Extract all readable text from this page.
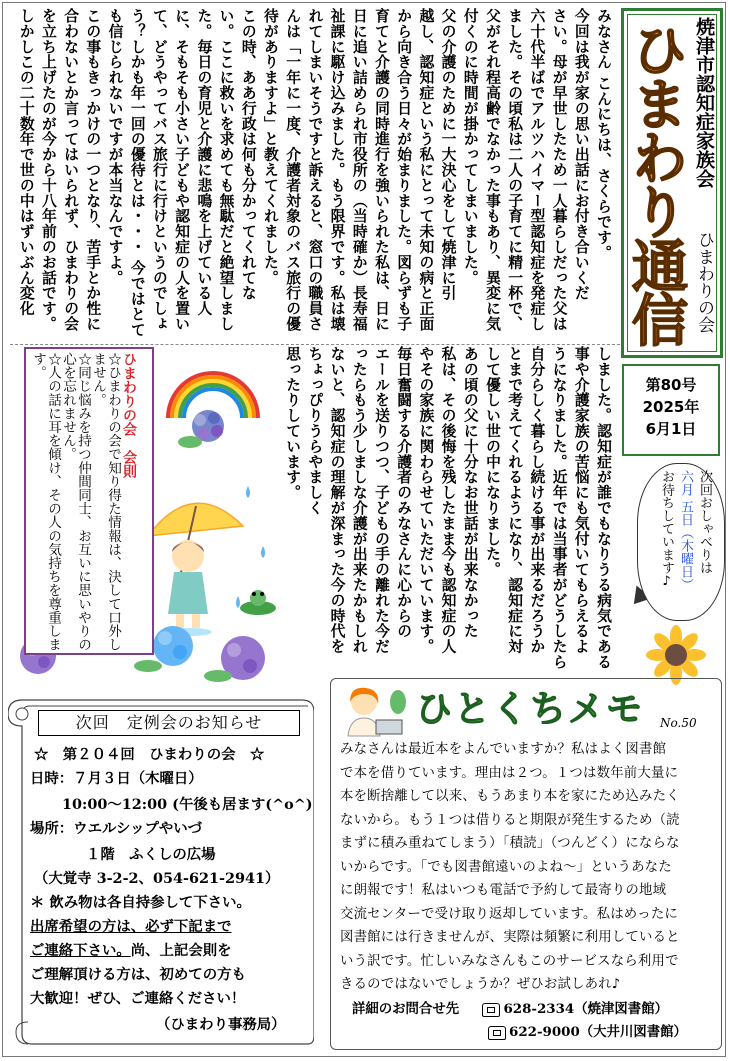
ひまわり通信 焼津市認知症家族会
ひまわりの会
第80号
2025年
6月1日
みなさん こんにちは、さくらです。
今回は我が家の思い出話にお付き合いくだ
さい。母が早世したため一人暮らしだった父は
六十代半ばでアルツハイマー型認知症を発症し
ました。その頃私は二人の子育てに精一杯で、
父がそれ程高齢でなかった事もあり、異変に気
付くのに時間が掛かってしまいました。
父の介護のために一大決心をして焼津に引
越し、認知症という私にとって未知の病と正面
から向き合う日々が始まりました。図らずも子
育てと介護の同時進行を強いられた私は、日に
日に追い詰められ市役所の（当時確か）長寿福
祉課に駆け込みました。もう限界です。私は壊
れてしまいそうですと訴えると、窓口の職員さ
んは「一年に一度、介護者対象のバス旅行の優
待がありますよ」と教えてくれました。
この時、ああ行政は何も分かってくれてな
い。ここに救いを求めても無駄だと絶望しまし
た。毎日の育児と介護に悲鳴を上げている人
に、そもそも小さい子どもや認知症の人を置い
て、どうやってバス旅行に行けというのでしょ
う？しかも年一回の優待とは・・・ 今ではとて
も信じられないですが本当なんですよ。
この事もきっかけの一つとなり、苦手とか性に
合わないとか言ってはいられず、ひまわりの会
を立ち上げたのが今から十八年前のお話です。
しかしこの二十数年で世の中はずいぶん変化
しました。認知症が誰でもなりうる病気である
事や介護家族の苦悩にも気付いてもらえるよ
うになりました。近年では当事者がどうしたら
自分らしく暮らし続ける事が出来るだろうか
とまで考えてくれるようになり、認知症に対
して優しい世の中になりました。
あの頃の父に十分なお世話が出来なかった
私は、その後悔を残したまま今も認知症の人
やその家族に関わらせていただいています。
毎日奮闘する介護者のみなさんに心からの
エールを送りつつ、子どもの手の離れた今だ
ったらもう少しましな介護が出来たかもしれ
ないと、認知症の理解が深まった今の時代を
ちょっぴりうらやましく
思ったりしています。
ひまわりの会　会則
☆ひまわりの会で知り得た情報は、決して口外しません。
☆同じ悩みを持つ仲間同士、お互いに思いやりの心を忘れません。
☆人の話に耳を傾け、その人の気持ちを尊重します。
次回おしゃべりは
六月 五日（木曜日）
お待ちしています♪
次回　定例会のお知らせ
☆　第２０４回　ひまわりの会　☆
日時：７月３日（木曜日）
10:00～12:00 (午後も居ます(^o^)
場所：ウエルシップやいづ
１階　ふくしの広場
（大覚寺 3-2-2、054-621-2941）
＊ 飲み物は各自持参して下さい。
出席希望の方は、必ず下記まで
ご連絡下さい。尚、上記会則を
ご理解頂ける方は、初めての方も
大歓迎！ぜひ、ご連絡ください！
（ひまわり事務局）
ひとくちメモ	No.50
みなさんは最近本をよんでいますか？私はよく図書館
で本を借りています。理由は２つ。１つは数年前大量に
本を断捨離して以来、もうあまり本を家にため込みたく
ないから。もう１つは借りると期限が発生するため（読
まずに積み重ねてしまう）「積読」（つんどく）にならな
いからです。「でも図書館遠いのよね～」というあなた
に朗報です！私はいつも電話で予約して最寄りの地域
交流センターで受け取り返却しています。私はめったに
図書館には行きませんが、実際は頻繁に利用していると
いう訳です。忙しいみなさんもこのサービスなら利用で
きるのではないでしょうか？ぜひお試しあれ♪
詳細のお問合せ先	628-2334（焼津図書館）
622-9000（大井川図書館）
